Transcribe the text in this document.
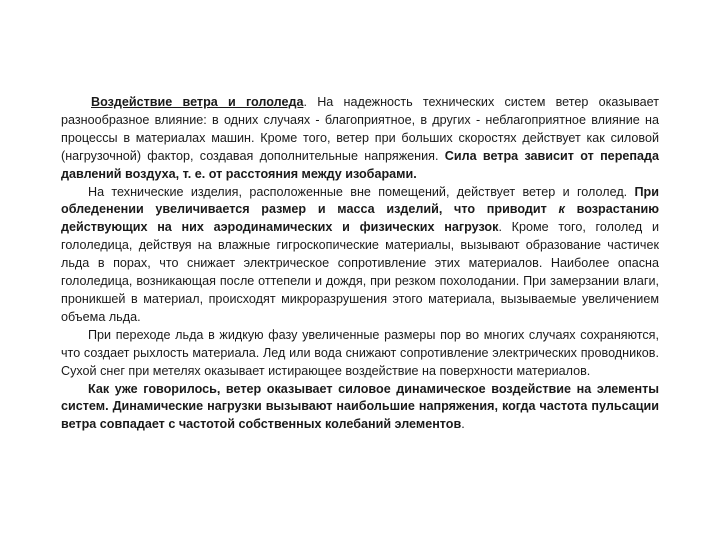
Воздействие ветра и гололеда. На надежность технических систем ветер оказывает разнообразное влияние: в одних случаях - благоприятное, в других - неблагоприятное влияние на процессы в материалах машин. Кроме того, ветер при больших скоростях действует как силовой (нагрузочной) фактор, создавая дополнительные напряжения. Сила ветра зависит от перепада давлений воздуха, т. е. от расстояния между изобарами.

На технические изделия, расположенные вне помещений, действует ветер и гололед. При обледенении увеличивается размер и масса изделий, что приводит к возрастанию действующих на них аэродинамических и физических нагрузок. Кроме того, гололед и гололедица, действуя на влажные гигроскопические материалы, вызывают образование частичек льда в порах, что снижает электрическое сопротивление этих материалов. Наиболее опасна гололедица, возникающая после оттепели и дождя, при резком похолодании. При замерзании влаги, проникшей в материал, происходят микроразрушения этого материала, вызываемые увеличением объема льда.

При переходе льда в жидкую фазу увеличенные размеры пор во многих случаях сохраняются, что создает рыхлость материала. Лед или вода снижают сопротивление электрических проводников. Сухой снег при метелях оказывает истирающее воздействие на поверхности материалов.

Как уже говорилось, ветер оказывает силовое динамическое воздействие на элементы систем. Динамические нагрузки вызывают наибольшие напряжения, когда частота пульсации ветра совпадает с частотой собственных колебаний элементов.
